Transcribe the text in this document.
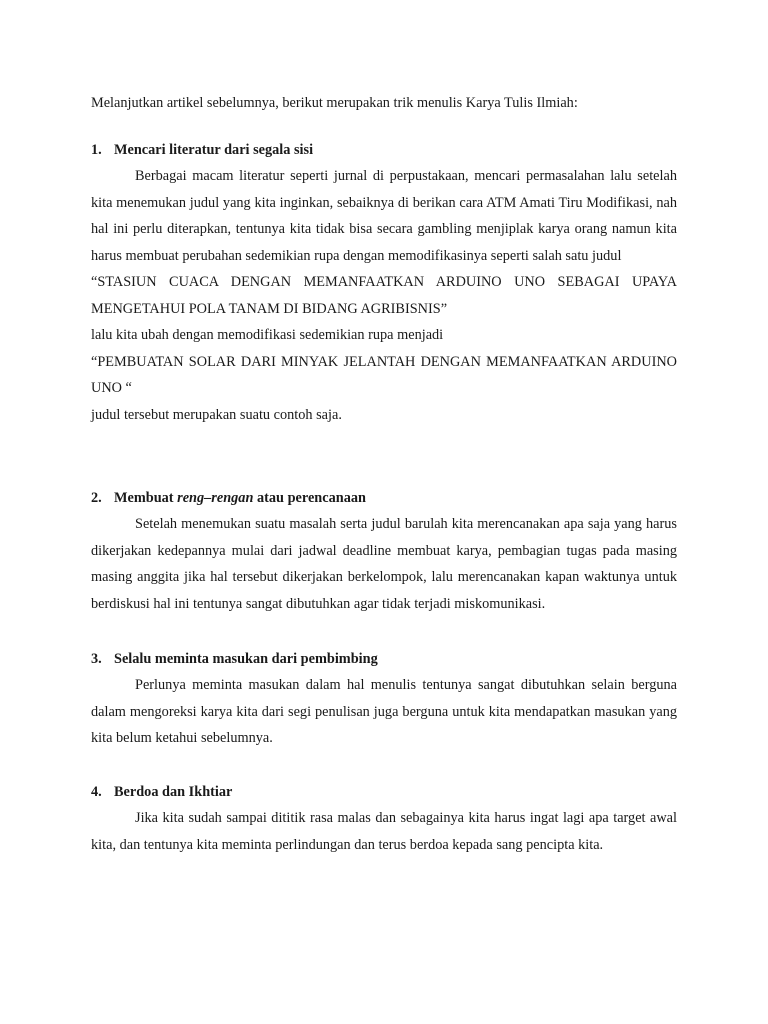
Melanjutkan artikel sebelumnya, berikut merupakan trik menulis Karya Tulis Ilmiah:
1. Mencari literatur dari segala sisi

Berbagai macam literatur seperti jurnal di perpustakaan, mencari permasalahan lalu setelah kita menemukan judul yang kita inginkan, sebaiknya di berikan cara ATM Amati Tiru Modifikasi, nah hal ini perlu diterapkan, tentunya kita tidak bisa secara gambling menjiplak karya orang namun kita harus membuat perubahan sedemikian rupa dengan memodifikasinya seperti salah satu judul

“STASIUN CUACA DENGAN MEMANFAATKAN ARDUINO UNO SEBAGAI UPAYA MENGETAHUI POLA TANAM DI BIDANG AGRIBISNIS”
lalu kita ubah dengan memodifikasi sedemikian rupa menjadi
“PEMBUATAN SOLAR DARI MINYAK JELANTAH DENGAN MEMANFAATKAN ARDUINO UNO “
judul tersebut merupakan suatu contoh saja.
2. Membuat reng–rengan atau perencanaan

Setelah menemukan suatu masalah serta judul barulah kita merencanakan apa saja yang harus dikerjakan kedepannya mulai dari jadwal deadline membuat karya, pembagian tugas pada masing masing anggita jika hal tersebut dikerjakan berkelompok, lalu merencanakan kapan waktunya untuk berdiskusi hal ini tentunya sangat dibutuhkan agar tidak terjadi miskomunikasi.

3. Selalu meminta masukan dari pembimbing

Perlunya meminta masukan dalam hal menulis tentunya sangat dibutuhkan selain berguna dalam mengoreksi karya kita dari segi penulisan juga berguna untuk kita mendapatkan masukan yang kita belum ketahui sebelumnya.

4. Berdoa dan Ikhtiar

Jika kita sudah sampai dititik rasa malas dan sebagainya kita harus ingat lagi apa target awal kita, dan tentunya kita meminta perlindungan dan terus berdoa kepada sang pencipta kita.
